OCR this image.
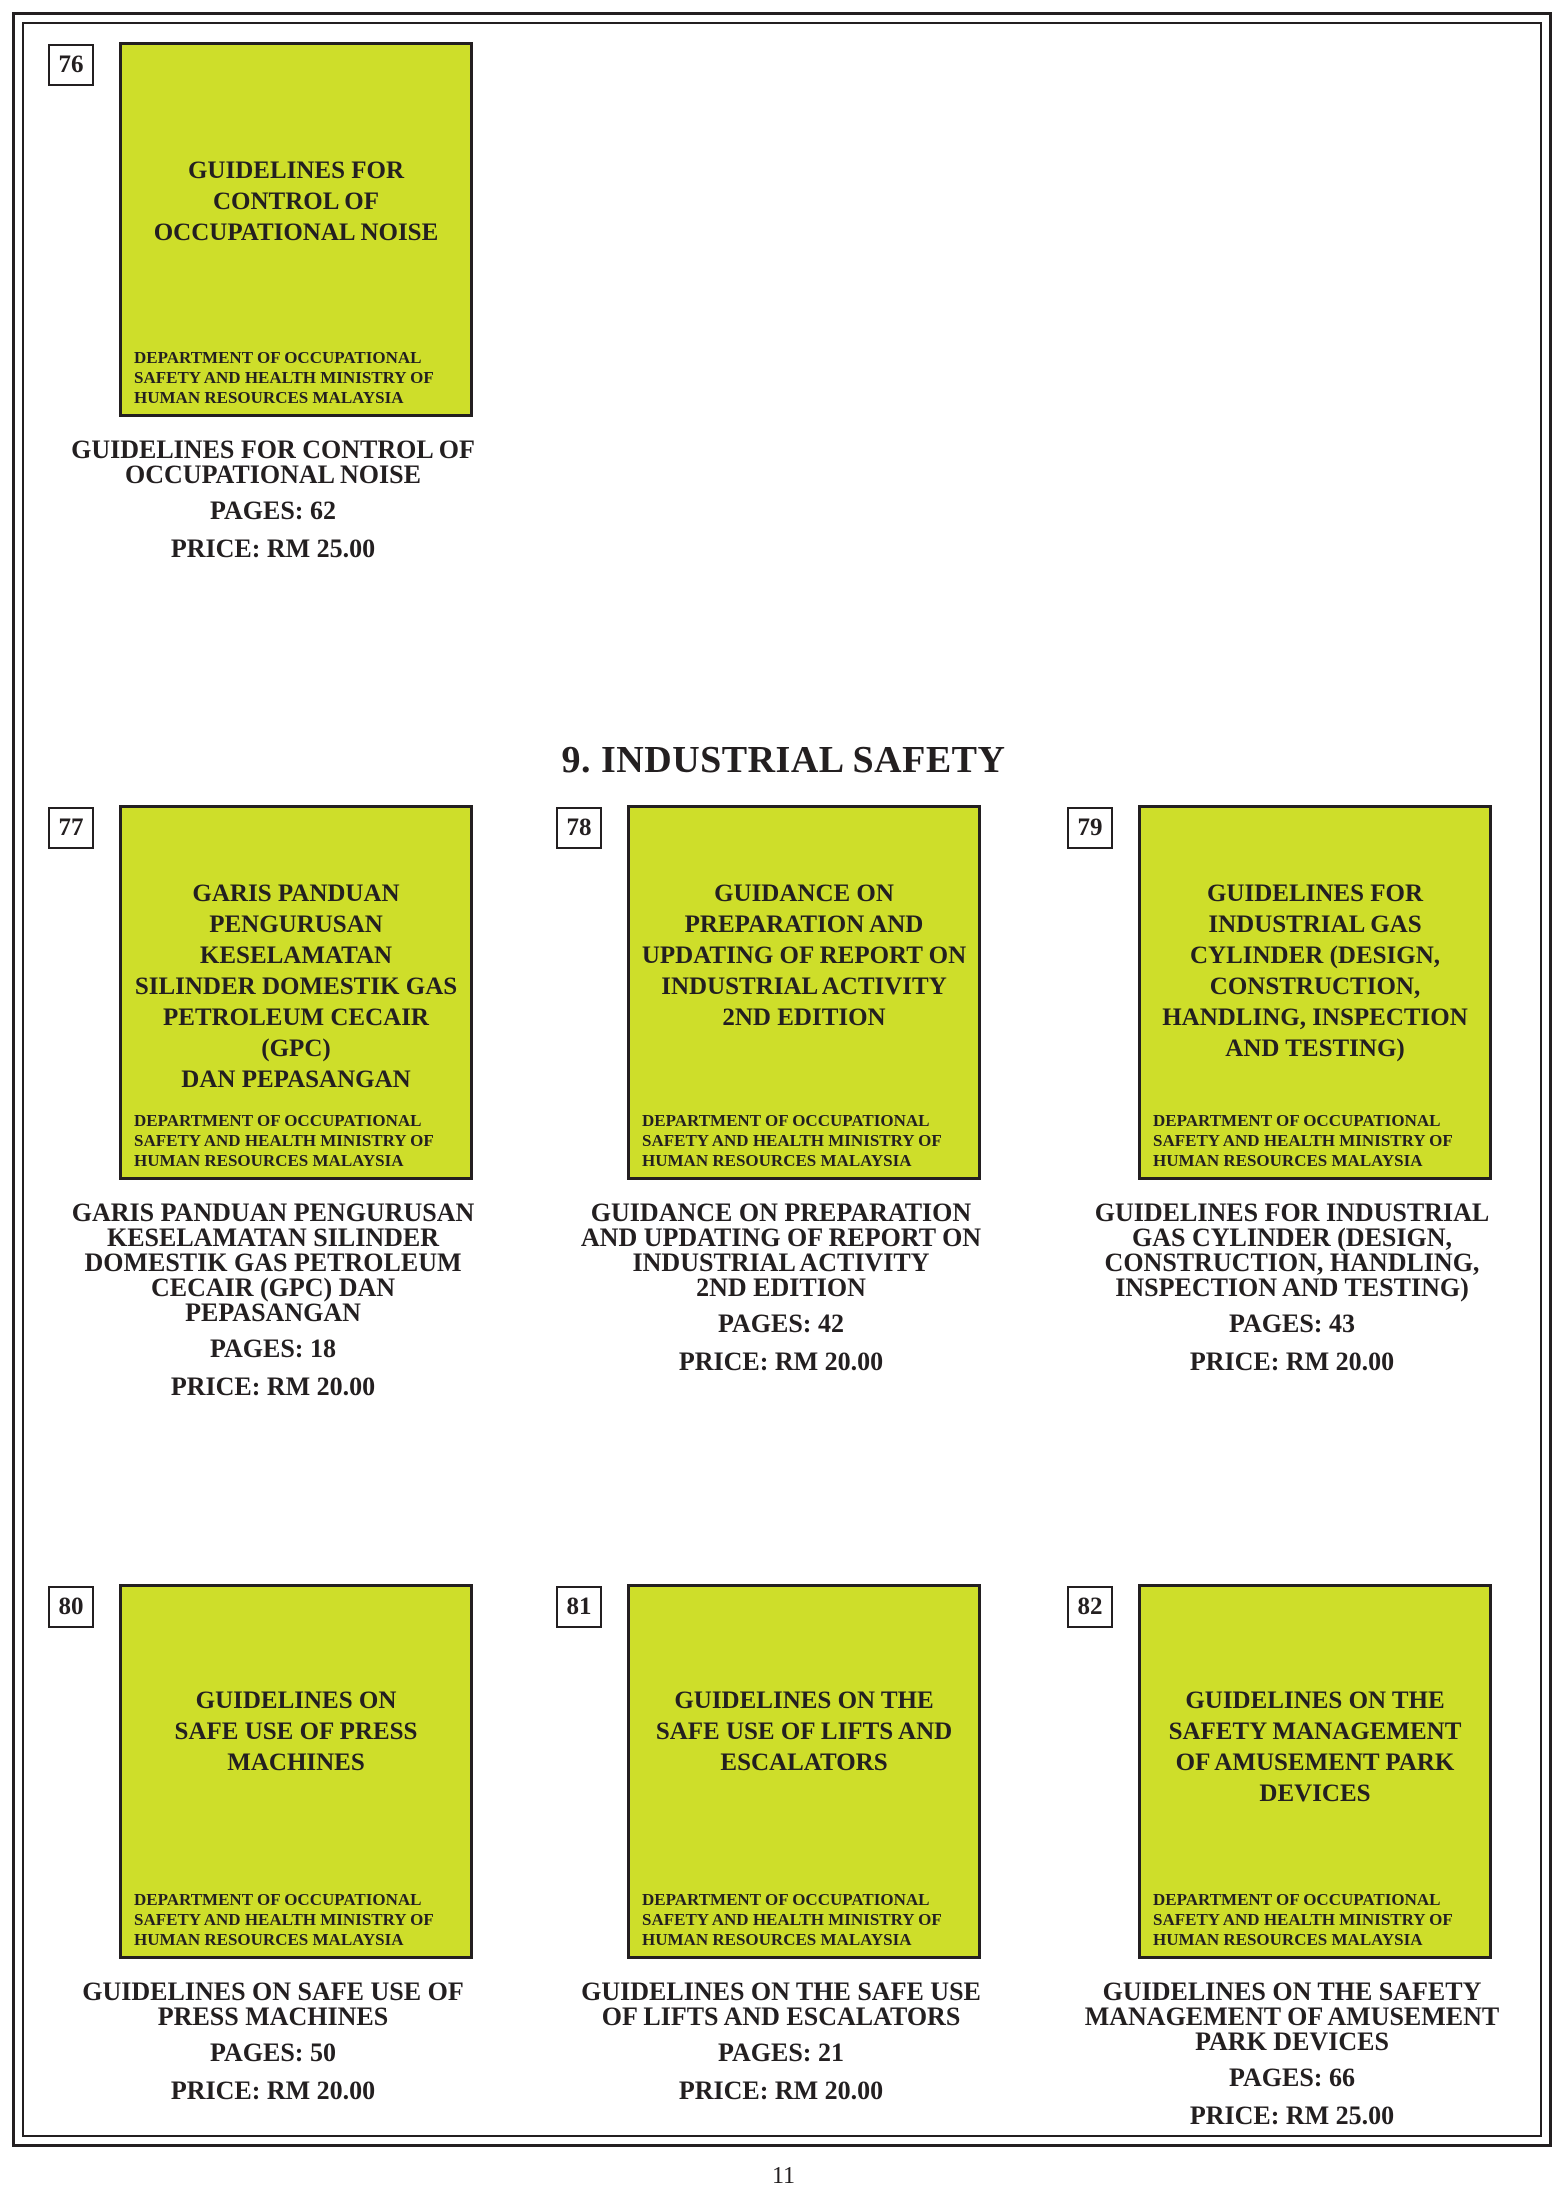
9. INDUSTRIAL SAFETY
76
GUIDELINES FOR
CONTROL OF
OCCUPATIONAL NOISE
DEPARTMENT OF OCCUPATIONAL
SAFETY AND HEALTH MINISTRY OF
HUMAN RESOURCES MALAYSIA
GUIDELINES FOR CONTROL OF
OCCUPATIONAL NOISE
PAGES: 62
PRICE: RM 25.00
77
GARIS PANDUAN
PENGURUSAN KESELAMATAN
SILINDER DOMESTIK GAS
PETROLEUM CECAIR (GPC)
DAN PEPASANGAN
DEPARTMENT OF OCCUPATIONAL
SAFETY AND HEALTH MINISTRY OF
HUMAN RESOURCES MALAYSIA
GARIS PANDUAN PENGURUSAN
KESELAMATAN SILINDER
DOMESTIK GAS PETROLEUM
CECAIR (GPC) DAN
PEPASANGAN
PAGES: 18
PRICE: RM 20.00
78
GUIDANCE ON
PREPARATION AND
UPDATING OF REPORT ON
INDUSTRIAL ACTIVITY
2ND EDITION
DEPARTMENT OF OCCUPATIONAL
SAFETY AND HEALTH MINISTRY OF
HUMAN RESOURCES MALAYSIA
GUIDANCE ON PREPARATION
AND UPDATING OF REPORT ON
INDUSTRIAL ACTIVITY
2ND EDITION
PAGES: 42
PRICE: RM 20.00
79
GUIDELINES FOR
INDUSTRIAL GAS
CYLINDER (DESIGN,
CONSTRUCTION,
HANDLING, INSPECTION
AND TESTING)
DEPARTMENT OF OCCUPATIONAL
SAFETY AND HEALTH MINISTRY OF
HUMAN RESOURCES MALAYSIA
GUIDELINES FOR INDUSTRIAL
GAS CYLINDER (DESIGN,
CONSTRUCTION, HANDLING,
INSPECTION AND TESTING)
PAGES: 43
PRICE: RM 20.00
80
GUIDELINES ON
SAFE USE OF PRESS
MACHINES
DEPARTMENT OF OCCUPATIONAL
SAFETY AND HEALTH MINISTRY OF
HUMAN RESOURCES MALAYSIA
GUIDELINES ON SAFE USE OF
PRESS MACHINES
PAGES: 50
PRICE: RM 20.00
81
GUIDELINES ON THE
SAFE USE OF LIFTS AND
ESCALATORS
DEPARTMENT OF OCCUPATIONAL
SAFETY AND HEALTH MINISTRY OF
HUMAN RESOURCES MALAYSIA
GUIDELINES ON THE SAFE USE
OF LIFTS AND ESCALATORS
PAGES: 21
PRICE: RM 20.00
82
GUIDELINES ON THE
SAFETY MANAGEMENT
OF AMUSEMENT PARK
DEVICES
DEPARTMENT OF OCCUPATIONAL
SAFETY AND HEALTH MINISTRY OF
HUMAN RESOURCES MALAYSIA
GUIDELINES ON THE SAFETY
MANAGEMENT OF AMUSEMENT
PARK DEVICES
PAGES: 66
PRICE: RM 25.00
11
